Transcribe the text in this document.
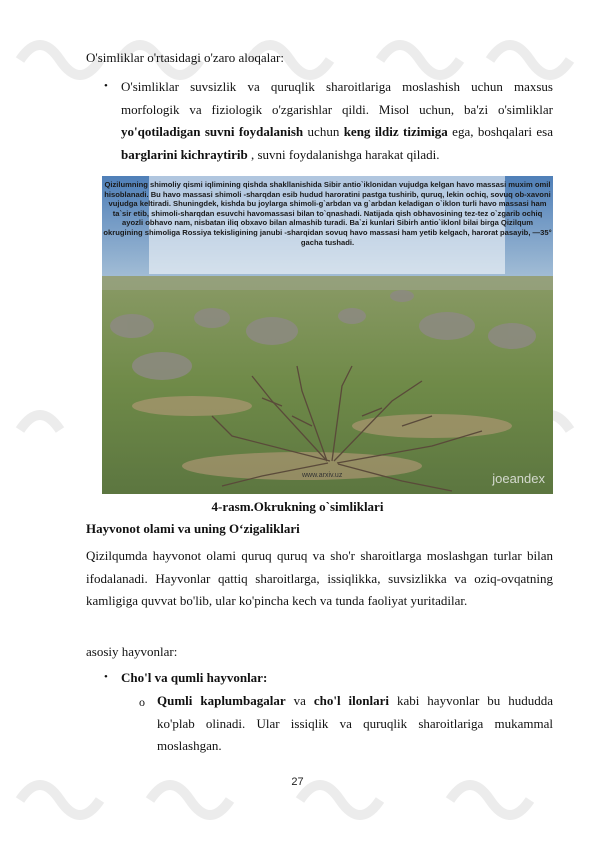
O'simliklar o'rtasidagi o'zaro aloqalar:
• O'simliklar suvsizlik va quruqlik sharoitlariga moslashish uchun maxsus morfologik va fiziologik o'zgarishlar qildi. Misol uchun, ba'zi o'simliklar yo'qotiladigan suvni foydalanish uchun keng ildiz tizimiga ega, boshqalari esa barglarini kichraytirib , suvni foydalanishga harakat qiladi.
Qizilumning shimoliy qismi iqlimining qishda shakllanishida Sibir antio`iklonidan vujudga kelgan havo massasi muxim omil hisoblanadi. Bu havo massasi shimoli -sharqdan esib hudud haroratini pastga tushirib, quruq, lekin ochiq, sovuq ob-xavoni vujudga keltiradi. Shuningdek, kishda bu joylarga shimoli-g`arbdan va g`arbdan keladigan o`iklon turli havo massasi ham ta`sir etib, shimoli-sharqdan esuvchi havomassasi bilan to`qnashadi. Natijada qish obhavosining tez-tez o`zgarib ochiq ayozli obhavo nam, nisbatan iliq obxavo bilan almashib turadi. Ba`zi kunlari Sibirh antio`iklonl bilai birga Qizilqum okrugining shimoliga Rossiya tekisligining janubi -sharqidan sovuq havo massasi ham yetib kelgach, harorat pasayib, —35° gacha tushadi.
www.arxiv.uz	joeandex
4-rasm.Okrukning o`simliklari
Hayvonot olami va uning O‘zigaliklari
Qizilqumda hayvonot olami quruq quruq va sho'r sharoitlarga moslashgan turlar bilan ifodalanadi. Hayvonlar qattiq sharoitlarga, issiqlikka, suvsizlikka va oziq-ovqatning kamligiga quvvat bo'lib, ular ko'pincha kech va tunda faoliyat yuritadilar.
asosiy hayvonlar:
• Cho'l va qumli hayvonlar:
o Qumli kaplumbagalar va cho'l ilonlari kabi hayvonlar bu hududda ko'plab olinadi. Ular issiqlik va quruqlik sharoitlariga mukammal moslashgan.
27
